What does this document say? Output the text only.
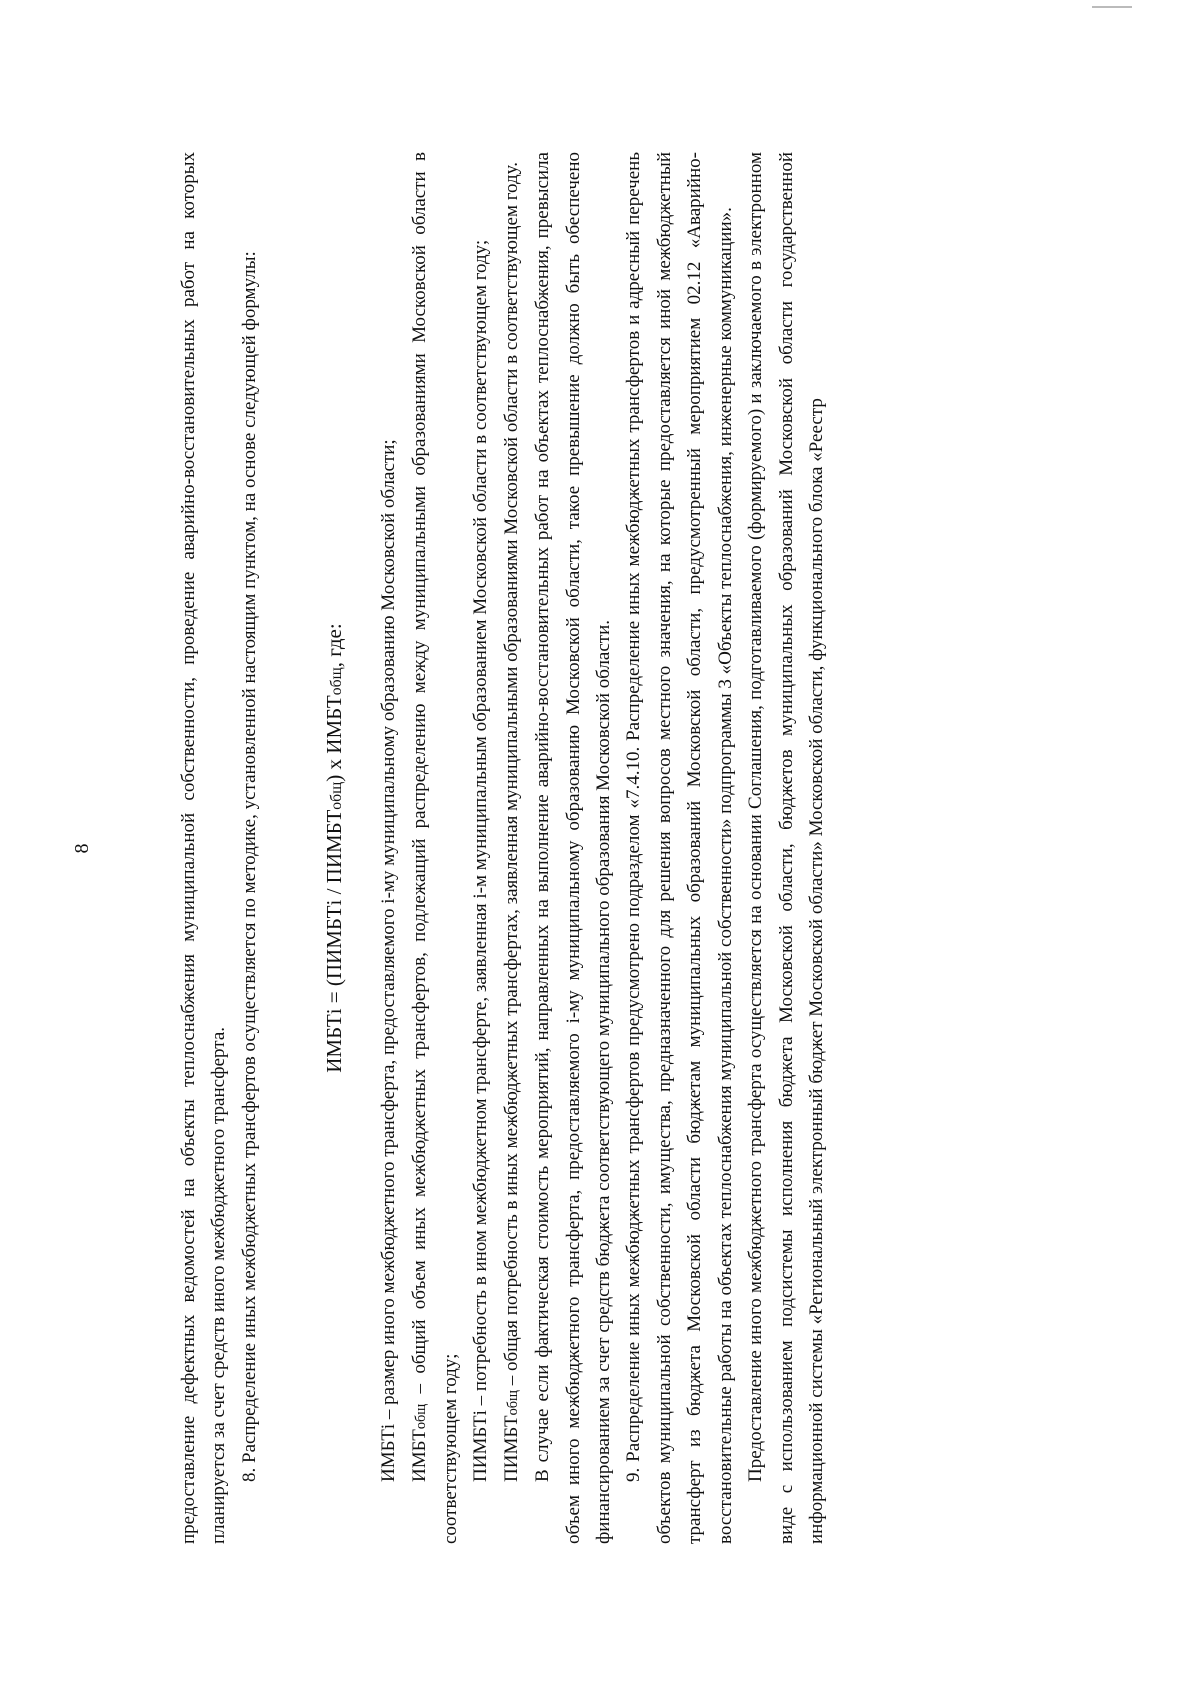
8	предоставление дефектных ведомостей на объекты теплоснабжения муниципальной собственности, проведение аварийно-восстановительных работ на которых планируется за счет средств иного межбюджетного трансферта. 8. Распределение иных межбюджетных трансфертов осуществляется по методике, установленной настоящим пунктом, на основе следующей формулы:	ИМБТi = (ПИМБТi / ПИМБТобщ) х ИМБТобщ, где:	ИМБТi – размер иного межбюджетного трансферта, предоставляемого i-му муниципальному образованию Московской области; ИМБТобщ – общий объем иных межбюджетных трансфертов, подлежащий распределению между муниципальными образованиями Московской области в соответствующем году; ПИМБТi – потребность в ином межбюджетном трансферте, заявленная i-м муниципальным образованием Московской области в соответствующем году; ПИМБТобщ – общая потребность в иных межбюджетных трансфертах, заявленная муниципальными образованиями Московской области в соответствующем году. В случае если фактическая стоимость мероприятий, направленных на выполнение аварийно-восстановительных работ на объектах теплоснабжения, превысила объем иного межбюджетного трансферта, предоставляемого i-му муниципальному образованию Московской области, такое превышение должно быть обеспечено финансированием за счет средств бюджета соответствующего муниципального образования Московской области. 9. Распределение иных межбюджетных трансфертов предусмотрено подразделом «7.4.10. Распределение иных межбюджетных трансфертов и адресный перечень объектов муниципальной собственности, имущества, предназначенного для решения вопросов местного значения, на которые предоставляется иной межбюджетный трансферт из бюджета Московской области бюджетам муниципальных образований Московской области, предусмотренный мероприятием 02.12 «Аварийно-восстановительные работы на объектах теплоснабжения муниципальной собственности» подпрограммы 3 «Объекты теплоснабжения, инженерные коммуникации». Предоставление иного межбюджетного трансферта осуществляется на основании Соглашения, подготавливаемого (формируемого) и заключаемого в электронном виде с использованием подсистемы исполнения бюджета Московской области, бюджетов муниципальных образований Московской области государственной информационной системы «Региональный электронный бюджет Московской области» Московской области, функционального блока «Реестр
